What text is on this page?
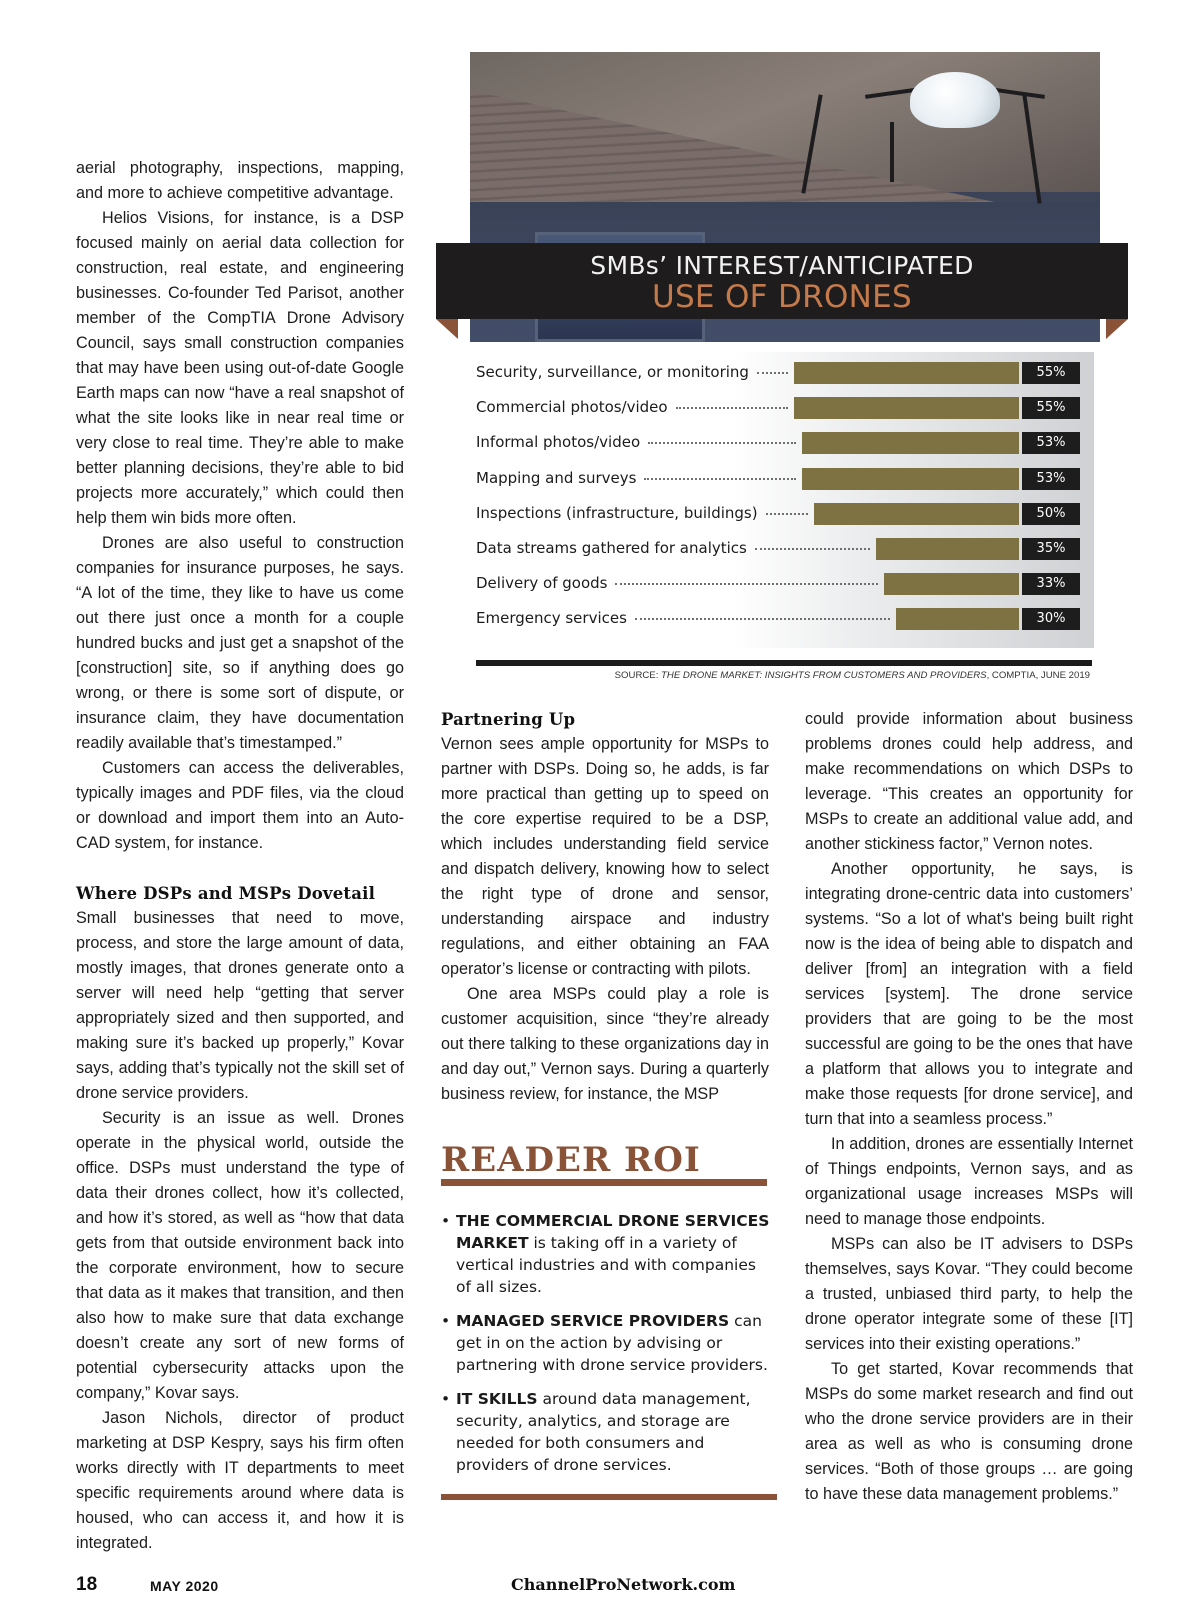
SMBs’ INTEREST/ANTICIPATED
USE OF DRONES
Security, surveillance, or monitoring	55%
Commercial photos/video	55%
Informal photos/video	53%
Mapping and surveys	53%
Inspections (infrastructure, buildings)	50%
Data streams gathered for analytics	35%
Delivery of goods	33%
Emergency services	30%
SOURCE: THE DRONE MARKET: INSIGHTS FROM CUSTOMERS AND PROVIDERS, COMPTIA, JUNE 2019

aerial photography, inspections, mapping, and more to achieve competitive advantage.

Helios Visions, for instance, is a DSP focused mainly on aerial data collection for construction, real estate, and engineering businesses. Co-founder Ted Parisot, another member of the CompTIA Drone Advisory Council, says small construction companies that may have been using out-of-date Google Earth maps can now “have a real snapshot of what the site looks like in near real time or very close to real time. They’re able to make better planning decisions, they’re able to bid projects more accurately,” which could then help them win bids more often.

Drones are also useful to construction companies for insurance purposes, he says. “A lot of the time, they like to have us come out there just once a month for a couple hundred bucks and just get a snapshot of the [construction] site, so if anything does go wrong, or there is some sort of dispute, or insurance claim, they have documentation readily available that’s timestamped.”

Customers can access the deliverables, typically images and PDF files, via the cloud or download and import them into an Auto-CAD system, for instance.

Where DSPs and MSPs Dovetail

Small businesses that need to move, process, and store the large amount of data, mostly images, that drones generate onto a server will need help “getting that server appropriately sized and then supported, and making sure it’s backed up properly,” Kovar says, adding that’s typically not the skill set of drone service providers.

Security is an issue as well. Drones operate in the physical world, outside the office. DSPs must understand the type of data their drones collect, how it’s collected, and how it’s stored, as well as “how that data gets from that outside environment back into the corporate environment, how to secure that data as it makes that transition, and then also how to make sure that data exchange doesn’t create any sort of new forms of potential cybersecurity attacks upon the company,” Kovar says.

Jason Nichols, director of product marketing at DSP Kespry, says his firm often works directly with IT departments to meet specific requirements around where data is housed, who can access it, and how it is integrated.

Partnering Up

Vernon sees ample opportunity for MSPs to partner with DSPs. Doing so, he adds, is far more practical than getting up to speed on the core expertise required to be a DSP, which includes understanding field service and dispatch delivery, knowing how to select the right type of drone and sensor, understanding airspace and industry regulations, and either obtaining an FAA operator’s license or contracting with pilots.

One area MSPs could play a role is customer acquisition, since “they’re already out there talking to these organizations day in and day out,” Vernon says. During a quarterly business review, for instance, the MSP

READER ROI
• THE COMMERCIAL DRONE SERVICES MARKET is taking off in a variety of vertical industries and with companies of all sizes.
• MANAGED SERVICE PROVIDERS can get in on the action by advising or partnering with drone service providers.
• IT SKILLS around data management, security, analytics, and storage are needed for both consumers and providers of drone services.

could provide information about business problems drones could help address, and make recommendations on which DSPs to leverage. “This creates an opportunity for MSPs to create an additional value add, and another stickiness factor,” Vernon notes.

Another opportunity, he says, is integrating drone-centric data into customers’ systems. “So a lot of what's being built right now is the idea of being able to dispatch and deliver [from] an integration with a field services [system]. The drone service providers that are going to be the most successful are going to be the ones that have a platform that allows you to integrate and make those requests [for drone service], and turn that into a seamless process.”

In addition, drones are essentially Internet of Things endpoints, Vernon says, and as organizational usage increases MSPs will need to manage those endpoints.

MSPs can also be IT advisers to DSPs themselves, says Kovar. “They could become a trusted, unbiased third party, to help the drone operator integrate some of these [IT] services into their existing operations.”

To get started, Kovar recommends that MSPs do some market research and find out who the drone service providers are in their area as well as who is consuming drone services. “Both of those groups … are going to have these data management problems.”

18	MAY 2020	ChannelProNetwork.com
